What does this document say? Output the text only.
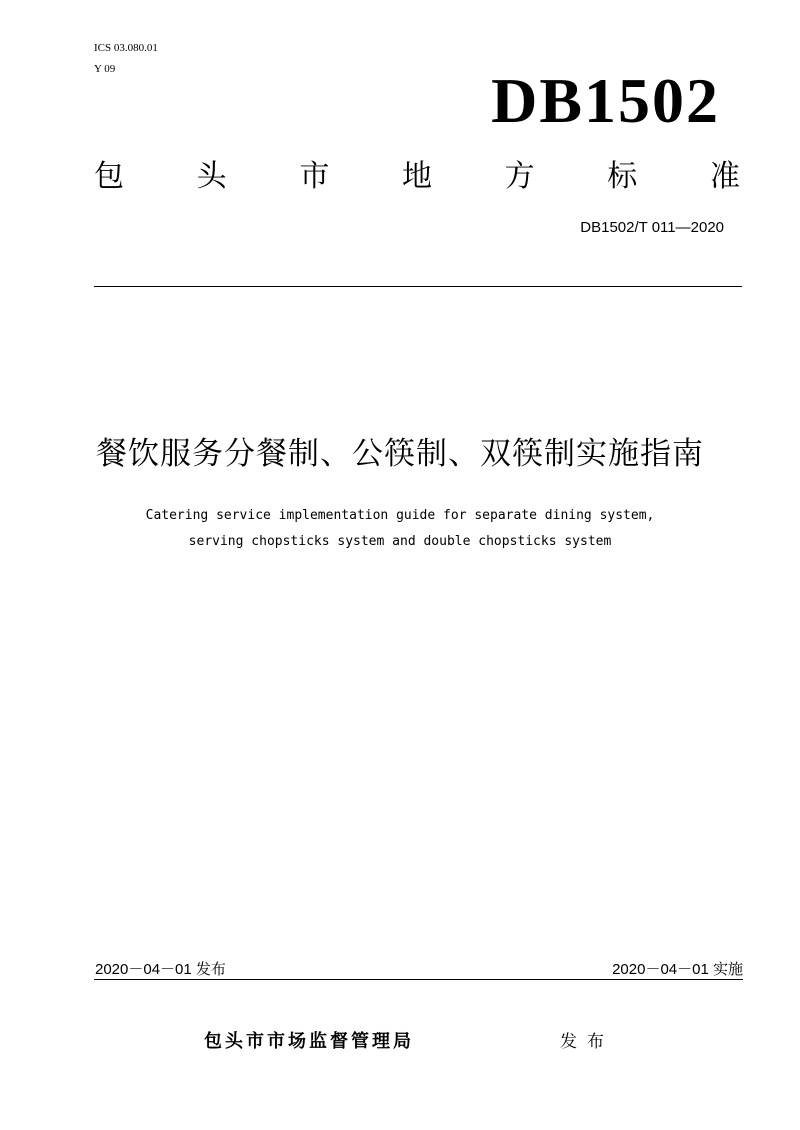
ICS 03.080.01
Y 09	DB1502
包 头 市 地 方 标 准
DB1502/T 011—2020
餐饮服务分餐制、公筷制、双筷制实施指南
Catering service implementation guide for separate dining system,
serving chopsticks system and double chopsticks system
2020－04－01 发布	2020－04－01 实施
包头市市场监督管理局	发布
